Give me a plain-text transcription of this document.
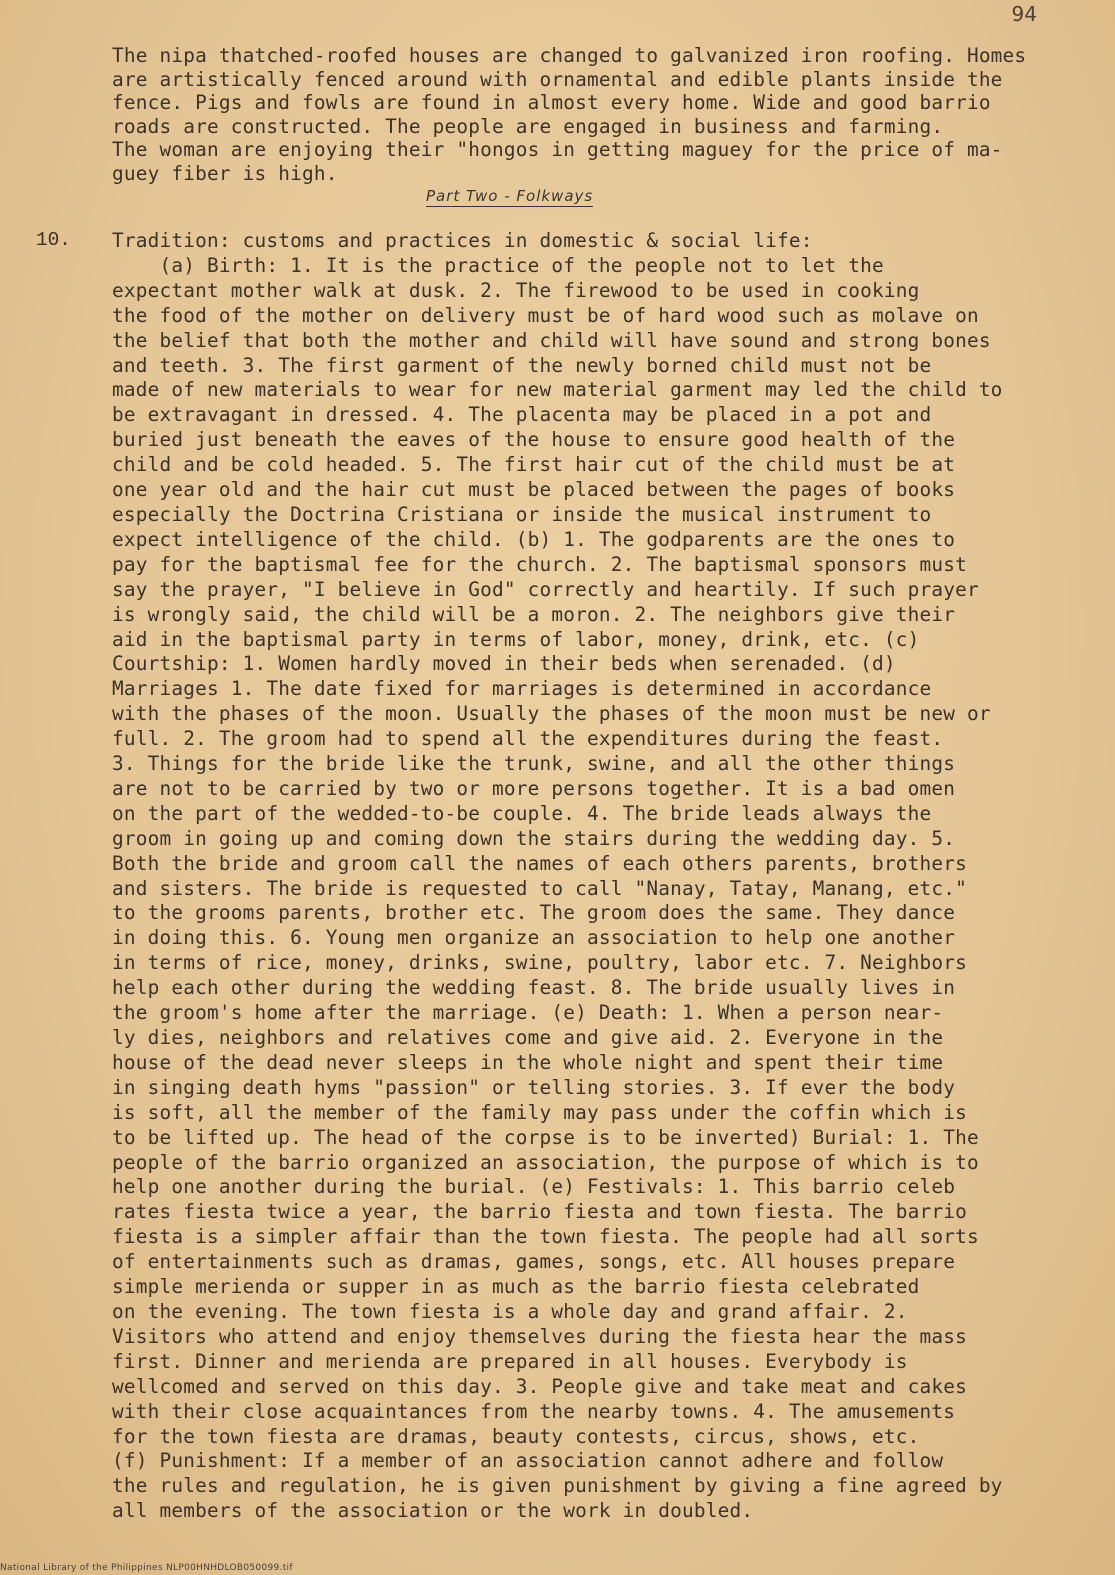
94
The nipa thatched-roofed houses are changed to galvanized iron roofing. Homes
are artistically fenced around with ornamental and edible plants inside the
fence. Pigs and fowls are found in almost every home. Wide and good barrio
roads are constructed. The people are engaged in business and farming.
The woman are enjoying their "hongos in getting maguey for the price of ma-
guey fiber is high.
Part Two - Folkways
10. Tradition: customs and practices in domestic & social life:
(a) Birth: 1. It is the practice of the people not to let the
expectant mother walk at dusk. 2. The firewood to be used in cooking
the food of the mother on delivery must be of hard wood such as molave on
the belief that both the mother and child will have sound and strong bones
and teeth. 3. The first garment of the newly borned child must not be
made of new materials to wear for new material garment may led the child to
be extravagant in dressed. 4. The placenta may be placed in a pot and
buried just beneath the eaves of the house to ensure good health of the
child and be cold headed. 5. The first hair cut of the child must be at
one year old and the hair cut must be placed between the pages of books
especially the Doctrina Cristiana or inside the musical instrument to
expect intelligence of the child. (b) 1. The godparents are the ones to
pay for the baptismal fee for the church. 2. The baptismal sponsors must
say the prayer, "I believe in God" correctly and heartily. If such prayer
is wrongly said, the child will be a moron. 2. The neighbors give their
aid in the baptismal party in terms of labor, money, drink, etc. (c)
Courtship: 1. Women hardly moved in their beds when serenaded. (d)
Marriages 1. The date fixed for marriages is determined in accordance
with the phases of the moon. Usually the phases of the moon must be new or
full. 2. The groom had to spend all the expenditures during the feast.
3. Things for the bride like the trunk, swine, and all the other things
are not to be carried by two or more persons together. It is a bad omen
on the part of the wedded-to-be couple. 4. The bride leads always the
groom in going up and coming down the stairs during the wedding day. 5.
Both the bride and groom call the names of each others parents, brothers
and sisters. The bride is requested to call "Nanay, Tatay, Manang, etc."
to the grooms parents, brother etc. The groom does the same. They dance
in doing this. 6. Young men organize an association to help one another
in terms of rice, money, drinks, swine, poultry, labor etc. 7. Neighbors
help each other during the wedding feast. 8. The bride usually lives in
the groom's home after the marriage. (e) Death: 1. When a person near-
ly dies, neighbors and relatives come and give aid. 2. Everyone in the
house of the dead never sleeps in the whole night and spent their time
in singing death hyms "passion" or telling stories. 3. If ever the body
is soft, all the member of the family may pass under the coffin which is
to be lifted up. The head of the corpse is to be inverted) Burial: 1. The
people of the barrio organized an association, the purpose of which is to
help one another during the burial. (e) Festivals: 1. This barrio celeb
rates fiesta twice a year, the barrio fiesta and town fiesta. The barrio
fiesta is a simpler affair than the town fiesta. The people had all sorts
of entertainments such as dramas, games, songs, etc. All houses prepare
simple merienda or supper in as much as the barrio fiesta celebrated
on the evening. The town fiesta is a whole day and grand affair. 2.
Visitors who attend and enjoy themselves during the fiesta hear the mass
first. Dinner and merienda are prepared in all houses. Everybody is
wellcomed and served on this day. 3. People give and take meat and cakes
with their close acquaintances from the nearby towns. 4. The amusements
for the town fiesta are dramas, beauty contests, circus, shows, etc.
(f) Punishment: If a member of an association cannot adhere and follow
the rules and regulation, he is given punishment by giving a fine agreed by
all members of the association or the work in doubled.
National Library of the Philippines NLP00HNHDLOB050099.tif
